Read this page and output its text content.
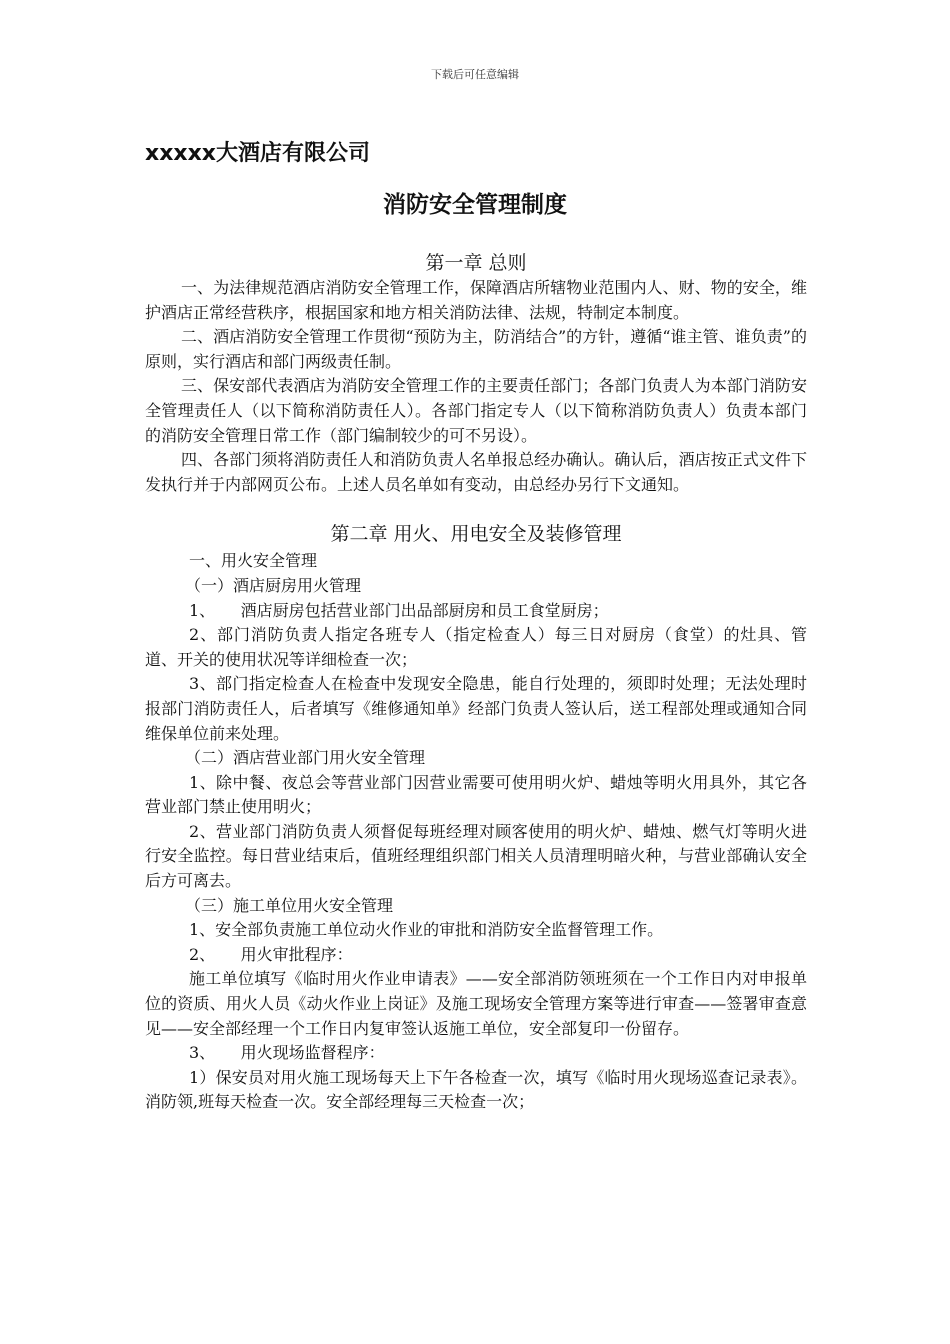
下载后可任意编辑
xxxxx大酒店有限公司
消防安全管理制度
第一章 总则

一、为法律规范酒店消防安全管理工作，保障酒店所辖物业范围内人、财、物的安全，维护酒店正常经营秩序，根据国家和地方相关消防法律、法规，特制定本制度。

二、酒店消防安全管理工作贯彻“预防为主，防消结合”的方针，遵循“谁主管、谁负责”的原则，实行酒店和部门两级责任制。

三、保安部代表酒店为消防安全管理工作的主要责任部门；各部门负责人为本部门消防安全管理责任人（以下简称消防责任人）。各部门指定专人（以下简称消防负责人）负责本部门的消防安全管理日常工作（部门编制较少的可不另设）。

四、各部门须将消防责任人和消防负责人名单报总经办确认。确认后，酒店按正式文件下发执行并于内部网页公布。上述人员名单如有变动，由总经办另行下文通知。

第二章 用火、用电安全及装修管理

一、用火安全管理

（一）酒店厨房用火管理

1、     酒店厨房包括营业部门出品部厨房和员工食堂厨房；

2、部门消防负责人指定各班专人（指定检查人）每三日对厨房（食堂）的灶具、管道、开关的使用状况等详细检查一次；

3、部门指定检查人在检查中发现安全隐患，能自行处理的，须即时处理；无法处理时报部门消防责任人，后者填写《维修通知单》经部门负责人签认后，送工程部处理或通知合同维保单位前来处理。

（二）酒店营业部门用火安全管理

1、除中餐、夜总会等营业部门因营业需要可使用明火炉、蜡烛等明火用具外，其它各营业部门禁止使用明火；

2、营业部门消防负责人须督促每班经理对顾客使用的明火炉、蜡烛、燃气灯等明火进行安全监控。每日营业结束后，值班经理组织部门相关人员清理明暗火种，与营业部确认安全后方可离去。

（三）施工单位用火安全管理

1、安全部负责施工单位动火作业的审批和消防安全监督管理工作。

2、     用火审批程序：

施工单位填写《临时用火作业申请表》——安全部消防领班须在一个工作日内对申报单位的资质、用火人员《动火作业上岗证》及施工现场安全管理方案等进行审查——签署审查意见——安全部经理一个工作日内复审签认返施工单位，安全部复印一份留存。

3、     用火现场监督程序：

1）保安员对用火施工现场每天上下午各检查一次，填写《临时用火现场巡查记录表》。消防领,班每天检查一次。安全部经理每三天检查一次；
